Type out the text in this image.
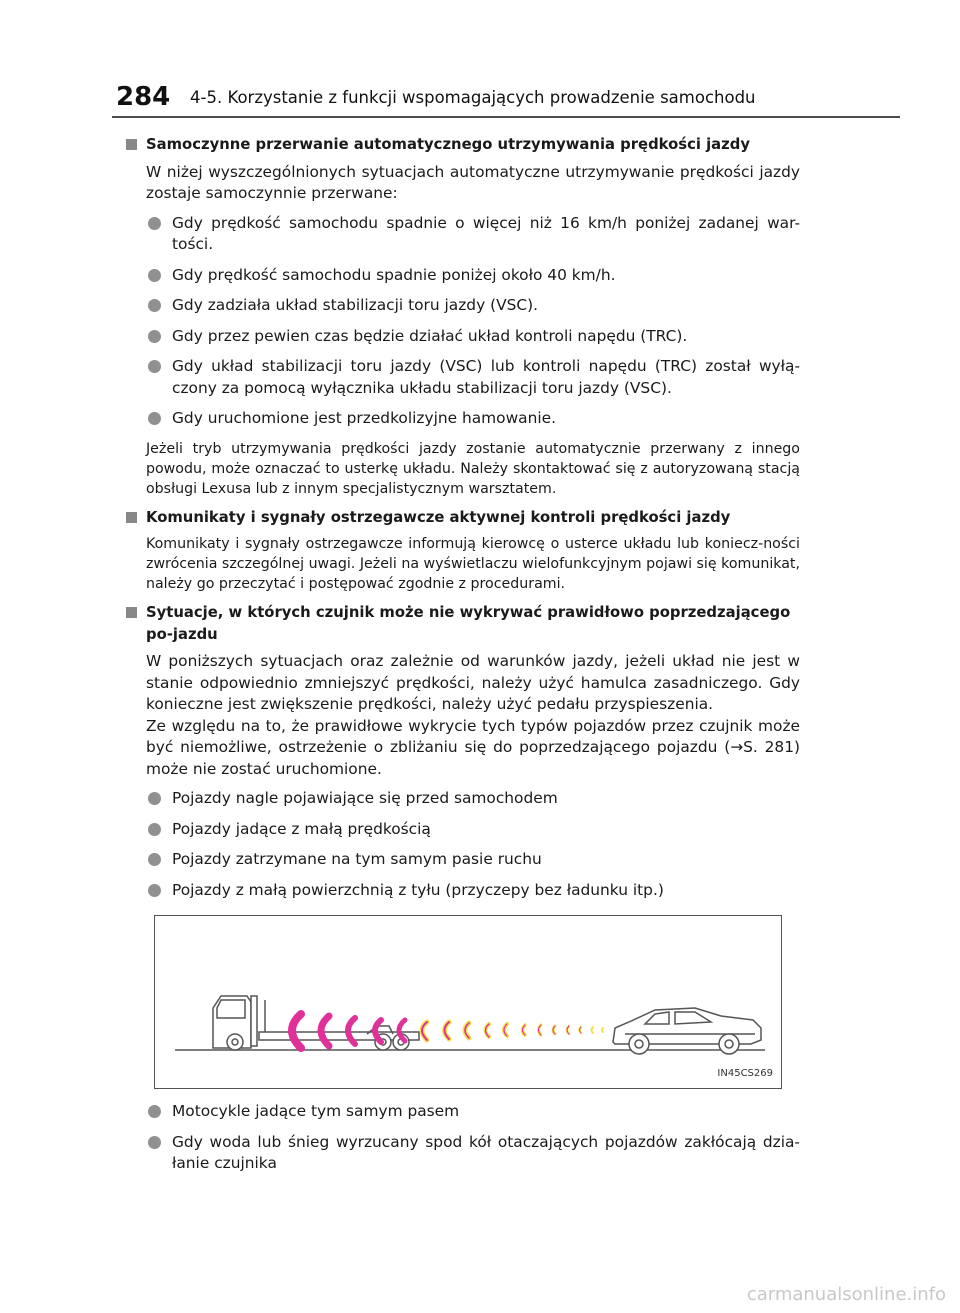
284 4-5. Korzystanie z funkcji wspomagających prowadzenie samochodu
Samoczynne przerwanie automatycznego utrzymywania prędkości jazdy
W niżej wyszczególnionych sytuacjach automatyczne utrzymywanie prędkości jazdy zostaje samoczynnie przerwane:
Gdy prędkość samochodu spadnie o więcej niż 16 km/h poniżej zadanej war-tości.
Gdy prędkość samochodu spadnie poniżej około 40 km/h.
Gdy zadziała układ stabilizacji toru jazdy (VSC).
Gdy przez pewien czas będzie działać układ kontroli napędu (TRC).
Gdy układ stabilizacji toru jazdy (VSC) lub kontroli napędu (TRC) został wyłą-czony za pomocą wyłącznika układu stabilizacji toru jazdy (VSC).
Gdy uruchomione jest przedkolizyjne hamowanie.
Jeżeli tryb utrzymywania prędkości jazdy zostanie automatycznie przerwany z innego powodu, może oznaczać to usterkę układu. Należy skontaktować się z autoryzowaną stacją obsługi Lexusa lub z innym specjalistycznym warsztatem.
Komunikaty i sygnały ostrzegawcze aktywnej kontroli prędkości jazdy
Komunikaty i sygnały ostrzegawcze informują kierowcę o usterce układu lub koniecz-ności zwrócenia szczególnej uwagi. Jeżeli na wyświetlaczu wielofunkcyjnym pojawi się komunikat, należy go przeczytać i postępować zgodnie z procedurami.
Sytuacje, w których czujnik może nie wykrywać prawidłowo poprzedzającego po-jazdu
W poniższych sytuacjach oraz zależnie od warunków jazdy, jeżeli układ nie jest w stanie odpowiednio zmniejszyć prędkości, należy użyć hamulca zasadniczego. Gdy konieczne jest zwiększenie prędkości, należy użyć pedału przyspieszenia.
Ze względu na to, że prawidłowe wykrycie tych typów pojazdów przez czujnik może być niemożliwe, ostrzeżenie o zbliżaniu się do poprzedzającego pojazdu (→S. 281) może nie zostać uruchomione.
Pojazdy nagle pojawiające się przed samochodem
Pojazdy jadące z małą prędkością
Pojazdy zatrzymane na tym samym pasie ruchu
Pojazdy z małą powierzchnią z tyłu (przyczepy bez ładunku itp.)
IN45CS269
Motocykle jadące tym samym pasem
Gdy woda lub śnieg wyrzucany spod kół otaczających pojazdów zakłócają dzia-łanie czujnika
carmanualsonline.info
